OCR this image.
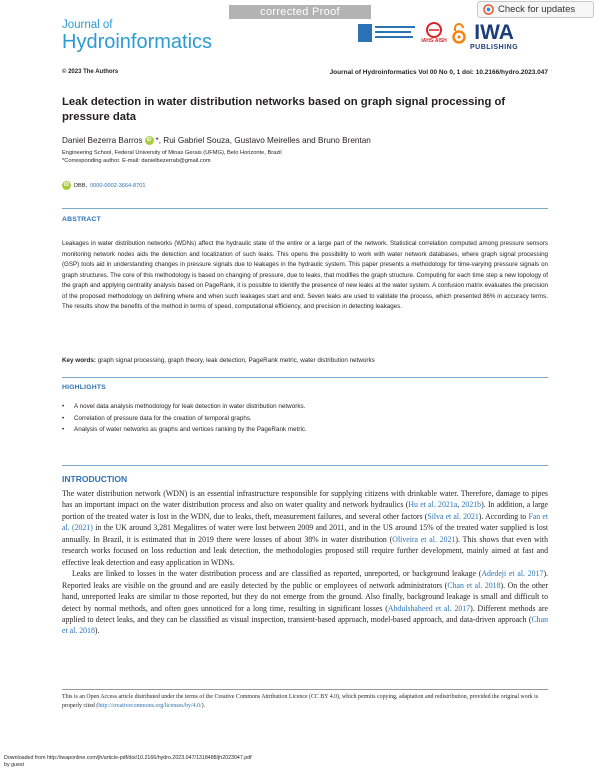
corrected Proof	Check for updates
Journal of
Hydroinformatics	IAHS·AISH IWA
PUBLISHING
© 2023 The Authors	Journal of Hydroinformatics Vol 00 No 0, 1 doi: 10.2166/hydro.2023.047
Leak detection in water distribution networks based on graph signal processing of pressure data
Daniel Bezerra Barros iD *, Rui Gabriel Souza, Gustavo Meirelles and Bruno Brentan
Engineering School, Federal University of Minas Gerais (UFMG), Belo Horizonte, Brazil
*Corresponding author. E-mail: danielbezerrab@gmail.com
iD DBB, 0000-0002-3664-8701
ABSTRACT
Leakages in water distribution networks (WDNs) affect the hydraulic state of the entire or a large part of the network. Statistical correlation computed among pressure sensors monitoring network nodes aids the detection and localization of such leaks. This opens the possibility to work with water network databases, where graph signal processing (GSP) tools aid in understanding changes in pressure signals due to leakages in the hydraulic system. This paper presents a methodology for time-varying pressure signals on graph structures. The core of this methodology is based on changing of pressure, due to leaks, that modifies the graph structure. Computing for each time step a new topology of the graph and applying centrality analysis based on PageRank, it is possible to identify the presence of new leaks at the water system. A confusion matrix evaluates the precision of the proposed methodology on defining where and when such leakages start and end. Seven leaks are used to validate the process, which presented 86% in accuracy terms. The results show the benefits of the method in terms of speed, computational efficiency, and precision in detecting leakages.
Key words: graph signal processing, graph theory, leak detection, PageRank metric, water distribution networks
HIGHLIGHTS
•	A novel data analysis methodology for leak detection in water distribution networks.
•	Correlation of pressure data for the creation of temporal graphs.
•	Analysis of water networks as graphs and vertices ranking by the PageRank metric.
INTRODUCTION

The water distribution network (WDN) is an essential infrastructure responsible for supplying citizens with drinkable water. Therefore, damage to pipes has an important impact on the water distribution process and also on water quality and network hydraulics (Hu et al. 2021a, 2021b). In addition, a large portion of the treated water is lost in the WDN, due to leaks, theft, measurement failures, and several other factors (Silva et al. 2021). According to Fan et al. (2021) in the UK around 3,281 Megalitres of water were lost between 2009 and 2011, and in the US around 15% of the treated water supplied is lost annually. In Brazil, it is estimated that in 2019 there were losses of about 38% in water distribution (Oliveira et al. 2021). This shows that even with research works focused on loss reduction and leak detection, the methodologies proposed still require further development, mainly aimed at fast and effective leak detection and easy application in WDNs.

Leaks are linked to losses in the water distribution process and are classified as reported, unreported, or background leakage (Adedeji et al. 2017). Reported leaks are visible on the ground and are easily detected by the public or employees of network administrators (Chan et al. 2018). On the other hand, unreported leaks are similar to those reported, but they do not emerge from the ground. Also finally, background leakage is small and difficult to detect by normal methods, and often goes unnoticed for a long time, resulting in significant losses (Abdulshaheed et al. 2017). Different methods are applied to detect leaks, and they can be classified as visual inspection, transient-based approach, model-based approach, and data-driven approach (Chan et al. 2018).

This is an Open Access article distributed under the terms of the Creative Commons Attribution Licence (CC BY 4.0), which permits copying, adaptation and redistribution, provided the original work is properly cited (http://creativecommons.org/licenses/by/4.0/).
Downloaded from http://iwaponline.com/jh/article-pdf/doi/10.2166/hydro.2023.047/1318488/jh2023047.pdf
by guest
